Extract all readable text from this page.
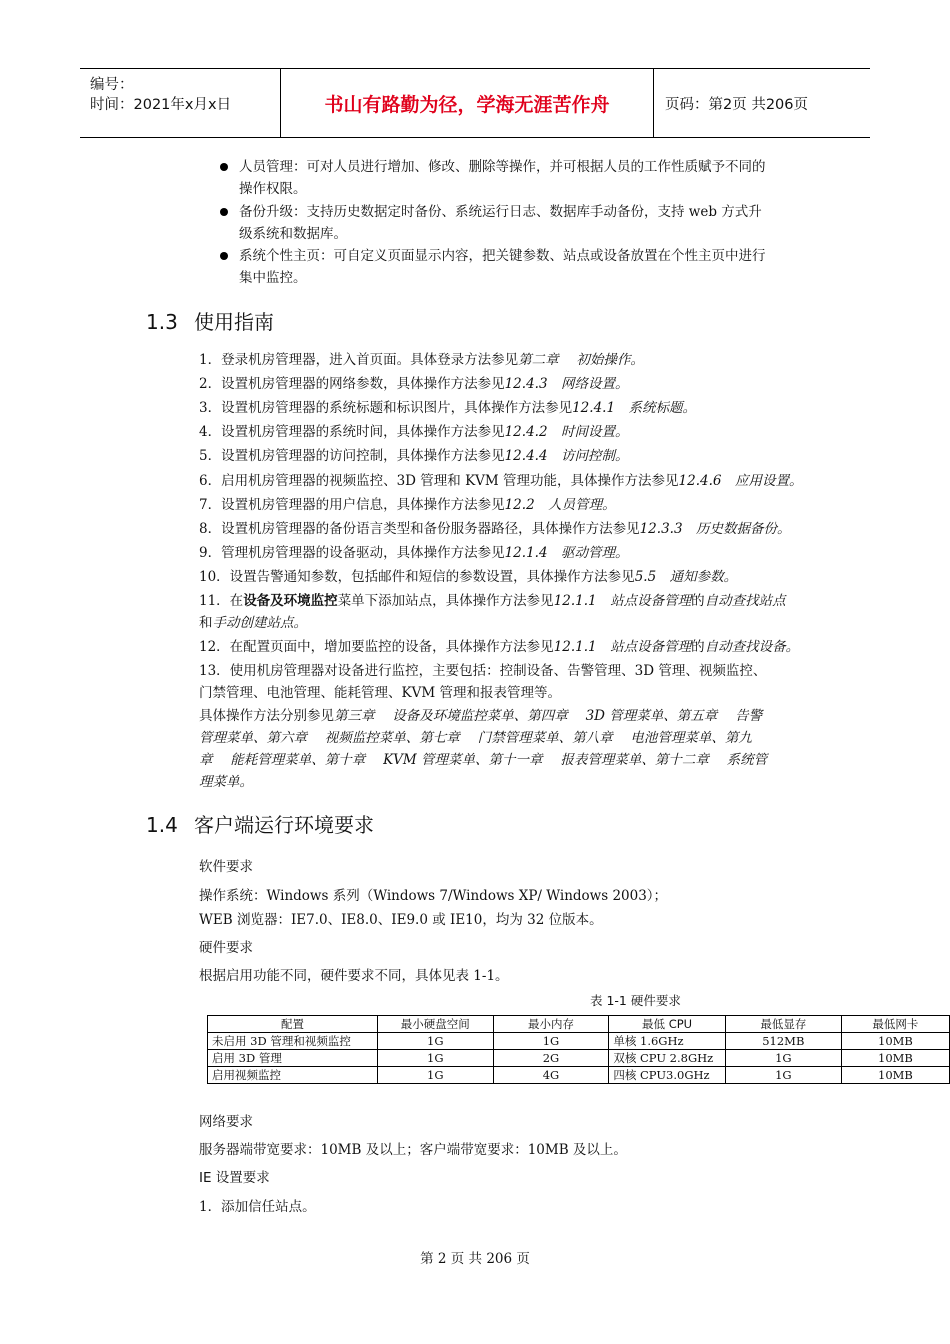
编号：
时间：2021年x月x日	书山有路勤为径，学海无涯苦作舟	页码：第2页 共206页
人员管理：可对人员进行增加、修改、删除等操作，并可根据人员的工作性质赋予不同的
操作权限。
备份升级：支持历史数据定时备份、系统运行日志、数据库手动备份，支持 web 方式升
级系统和数据库。
系统个性主页：可自定义页面显示内容，把关键参数、站点或设备放置在个性主页中进行
集中监控。
1.3 使用指南
1．登录机房管理器，进入首页面。具体登录方法参见第二章　 初始操作。
2．设置机房管理器的网络参数，具体操作方法参见12.4.3　网络设置。
3．设置机房管理器的系统标题和标识图片，具体操作方法参见12.4.1　系统标题。
4．设置机房管理器的系统时间，具体操作方法参见12.4.2　时间设置。
5．设置机房管理器的访问控制，具体操作方法参见12.4.4　访问控制。
6．启用机房管理器的视频监控、3D 管理和 KVM 管理功能，具体操作方法参见12.4.6　应用设置。
7．设置机房管理器的用户信息，具体操作方法参见12.2　人员管理。
8．设置机房管理器的备份语言类型和备份服务器路径，具体操作方法参见12.3.3　历史数据备份。
9．管理机房管理器的设备驱动，具体操作方法参见12.1.4　驱动管理。
10．设置告警通知参数，包括邮件和短信的参数设置，具体操作方法参见5.5　通知参数。
11．在设备及环境监控菜单下添加站点，具体操作方法参见12.1.1　站点设备管理的自动查找站点
和手动创建站点。
12．在配置页面中，增加要监控的设备，具体操作方法参见12.1.1　站点设备管理的自动查找设备。
13．使用机房管理器对设备进行监控，主要包括：控制设备、告警管理、3D 管理、视频监控、
门禁管理、电池管理、能耗管理、KVM 管理和报表管理等。
具体操作方法分别参见第三章　 设备及环境监控菜单、第四章　 3D 管理菜单、第五章　 告警
管理菜单、第六章　 视频监控菜单、第七章　 门禁管理菜单、第八章　 电池管理菜单、第九
章　 能耗管理菜单、第十章　 KVM 管理菜单、第十一章　 报表管理菜单、第十二章　 系统管
理菜单。
1.4 客户端运行环境要求
软件要求
操作系统：Windows 系列（Windows 7/Windows XP/ Windows 2003）；
WEB 浏览器：IE7.0、IE8.0、IE9.0 或 IE10，均为 32 位版本。
硬件要求
根据启用功能不同，硬件要求不同，具体见表 1-1。
表 1-1 硬件要求
配置	最小硬盘空间	最小内存	最低 CPU	最低显存	最低网卡
未启用 3D 管理和视频监控	1G	1G	单核 1.6GHz	512MB	10MB
启用 3D 管理	1G	2G	双核 CPU 2.8GHz	1G	10MB
启用视频监控	1G	4G	四核 CPU3.0GHz	1G	10MB
网络要求
服务器端带宽要求：10MB 及以上；客户端带宽要求：10MB 及以上。
IE 设置要求
1．添加信任站点。
第 2 页 共 206 页
